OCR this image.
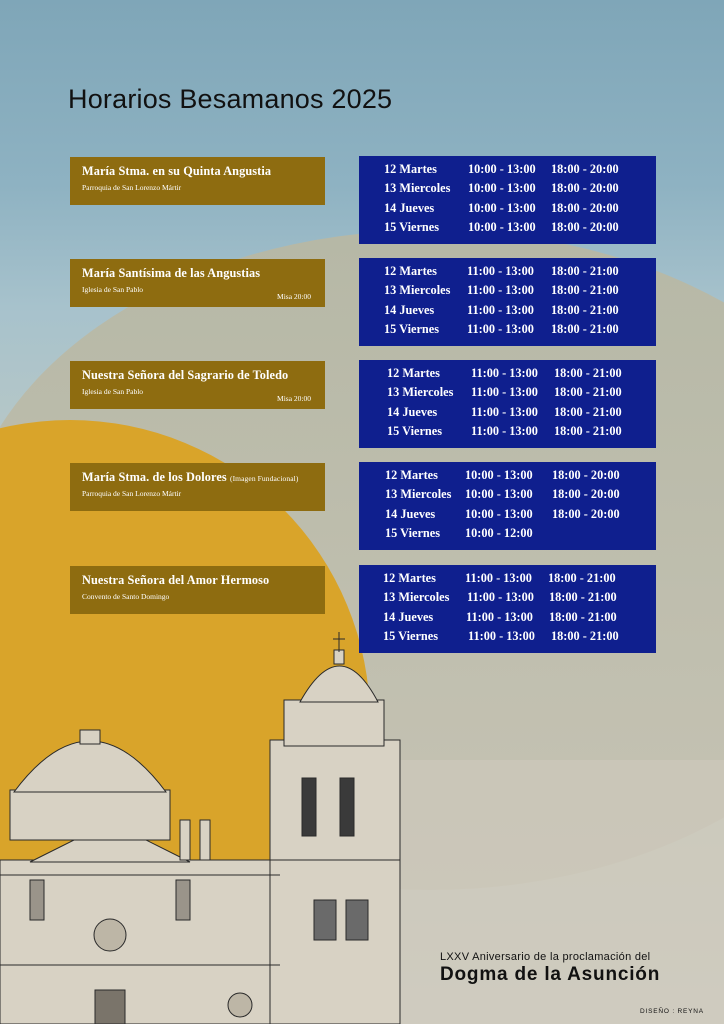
Horarios Besamanos 2025
María Stma. en su Quinta Angustia
Parroquia de San Lorenzo Mártir
12 Martes	10:00 - 13:00 18:00 - 20:00
13 Miercoles 10:00 - 13:00 18:00 - 20:00
14 Jueves	10:00 - 13:00 18:00 - 20:00
15 Viernes 10:00 - 13:00 18:00 - 20:00
María Santísima de las Angustias
Iglesia de San Pablo
Misa 20:00
12 Martes 11:00 - 13:00 18:00 - 21:00
13 Miercoles 11:00 - 13:00 18:00 - 21:00
14 Jueves	11:00 - 13:00 18:00 - 21:00
15 Viernes 11:00 - 13:00 18:00 - 21:00
Nuestra Señora del Sagrario de Toledo
Iglesia de San Pablo
Misa 20:00
12 Martes	11:00 - 13:00 18:00 - 21:00
13 Miercoles 11:00 - 13:00 18:00 - 21:00
14 Jueves	11:00 - 13:00 18:00 - 21:00
15 Viernes 11:00 - 13:00 18:00 - 21:00
María Stma. de los Dolores (Imagen Fundacional)
Parroquia de San Lorenzo Mártir
12 Martes 10:00 - 13:00 18:00 - 20:00
13 Miercoles 10:00 - 13:00 18:00 - 20:00
14 Jueves 10:00 - 13:00 18:00 - 20:00
15 Viernes 10:00 - 12:00
Nuestra Señora del Amor Hermoso
Convento de Santo Domingo
12 Martes 11:00 - 13:00 18:00 - 21:00
13 Miercoles 11:00 - 13:00 18:00 - 21:00
14 Jueves	11:00 - 13:00 18:00 - 21:00
15 Viernes 11:00 - 13:00 18:00 - 21:00
LXXV Aniversario de la proclamación del
Dogma de la Asunción
DISEÑO : REYNA
